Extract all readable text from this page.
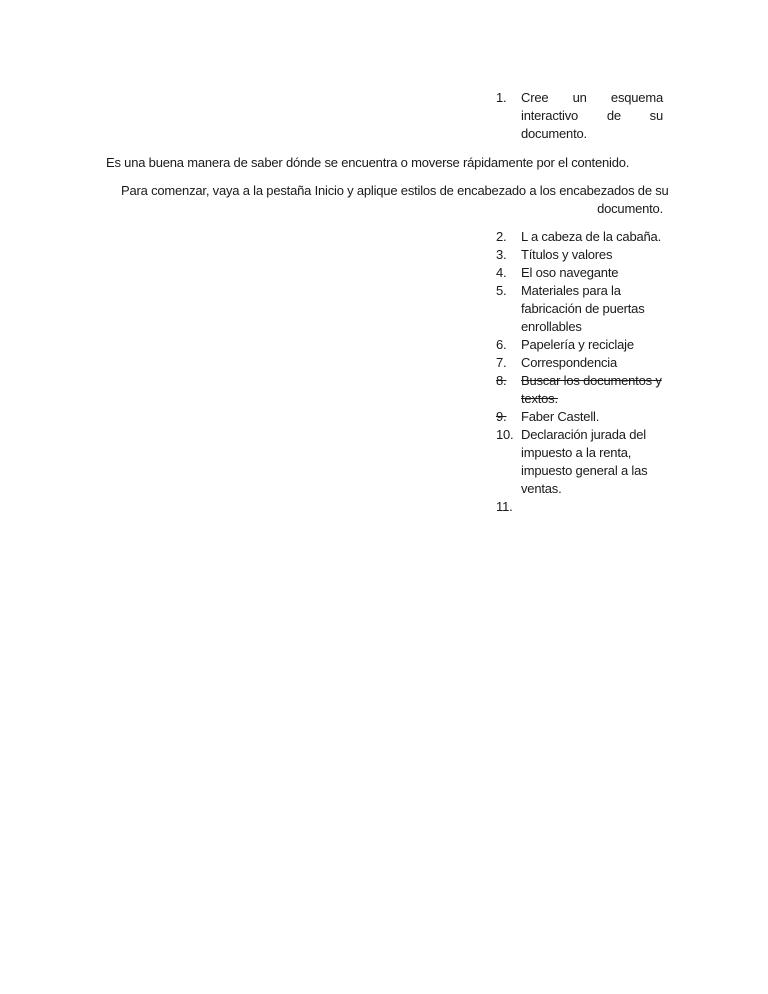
1. Cree un esquema
interactivo de su
documento.
Es una buena manera de saber dónde se encuentra o moverse rápidamente por el contenido.
Para comenzar, vaya a la pestaña Inicio y aplique estilos de encabezado a los encabezados de su
documento.
2. L a cabeza de la cabaña.
3. Títulos y valores
4. El oso navegante
5. Materiales para la fabricación de puertas enrollables
6. Papelería y reciclaje
7. Correspondencia
8. Buscar los documentos y textos.
9. Faber Castell.
10. Declaración jurada del impuesto a la renta, impuesto general a las ventas.
11.
